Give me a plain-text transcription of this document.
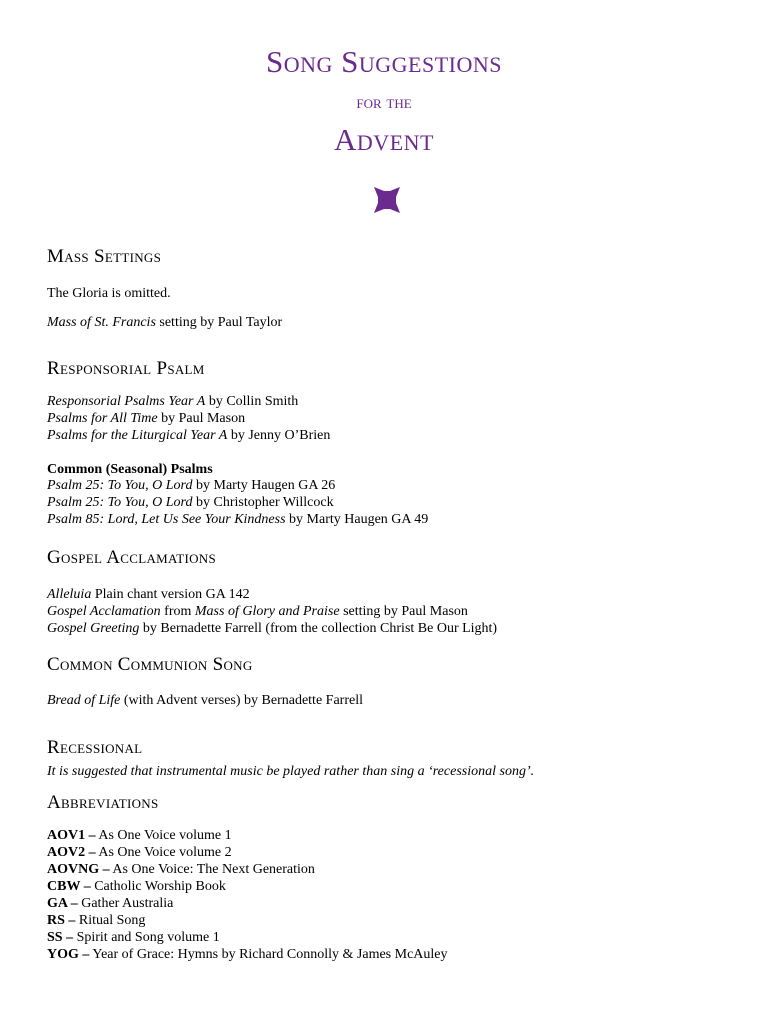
Song Suggestions
for the
Advent
Mass Settings
The Gloria is omitted.
Mass of St. Francis setting by Paul Taylor
Responsorial Psalm
Responsorial Psalms Year A by Collin Smith
Psalms for All Time by Paul Mason
Psalms for the Liturgical Year A by Jenny O’Brien
Common (Seasonal) Psalms
Psalm 25: To You, O Lord by Marty Haugen GA 26
Psalm 25: To You, O Lord by Christopher Willcock
Psalm 85: Lord, Let Us See Your Kindness by Marty Haugen GA 49
Gospel Acclamations
Alleluia Plain chant version GA 142
Gospel Acclamation from Mass of Glory and Praise setting by Paul Mason
Gospel Greeting by Bernadette Farrell (from the collection Christ Be Our Light)
Common Communion Song
Bread of Life (with Advent verses) by Bernadette Farrell
Recessional
It is suggested that instrumental music be played rather than sing a ‘recessional song’.
Abbreviations
AOV1 – As One Voice volume 1
AOV2 – As One Voice volume 2
AOVNG – As One Voice: The Next Generation
CBW – Catholic Worship Book
GA – Gather Australia
RS – Ritual Song
SS – Spirit and Song volume 1
YOG – Year of Grace: Hymns by Richard Connolly & James McAuley
